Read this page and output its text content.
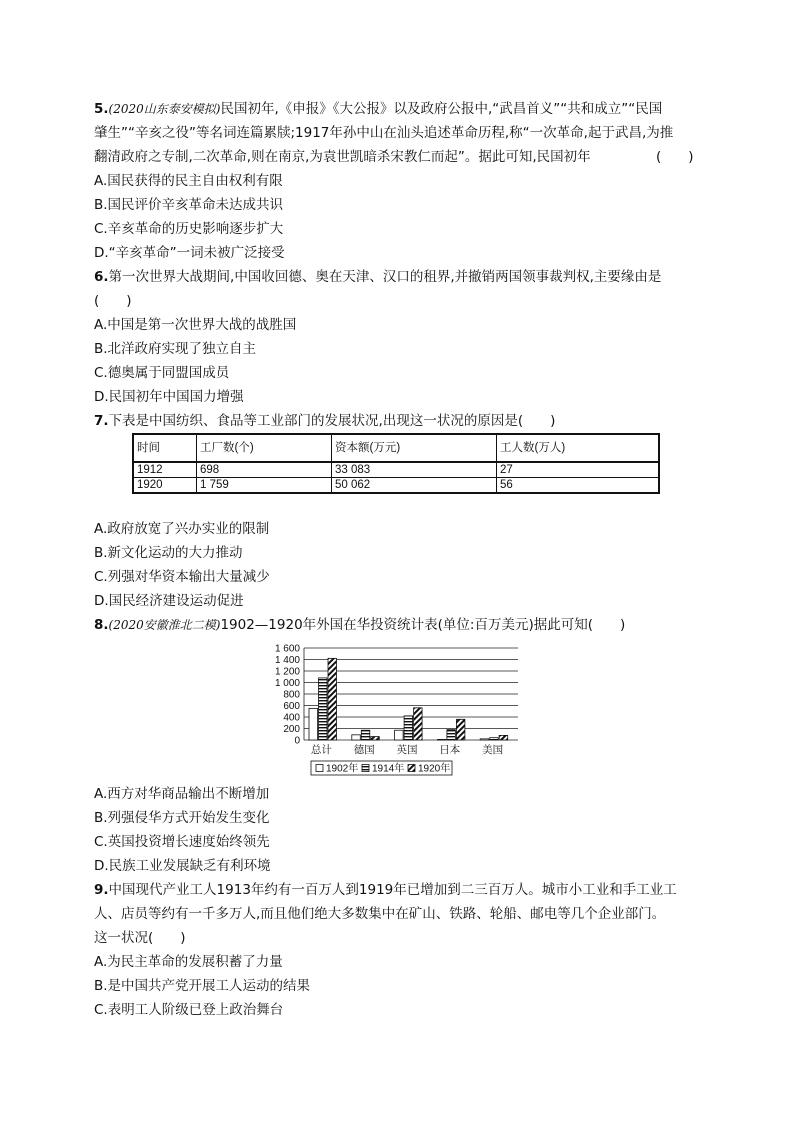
5.(2020山东泰安模拟)民国初年,《申报》《大公报》以及政府公报中,“武昌首义”“共和成立”“民国
肇生”“辛亥之役”等名词连篇累牍;1917年孙中山在汕头追述革命历程,称“一次革命,起于武昌,为推
翻清政府之专制,二次革命,则在南京,为袁世凯暗杀宋教仁而起”。据此可知,民国初年	(　　)
A.国民获得的民主自由权利有限
B.国民评价辛亥革命未达成共识
C.辛亥革命的历史影响逐步扩大
D.“辛亥革命”一词未被广泛接受
6.第一次世界大战期间,中国收回德、奥在天津、汉口的租界,并撤销两国领事裁判权,主要缘由是
(　　)
A.中国是第一次世界大战的战胜国
B.北洋政府实现了独立自主
C.德奥属于同盟国成员
D.民国初年中国国力增强
7.下表是中国纺织、食品等工业部门的发展状况,出现这一状况的原因是(　　)
时间	工厂数(个)	资本额(万元)	工人数(万人)
1912	698	33 083	27
1920	1 759	50 062	56
A.政府放宽了兴办实业的限制
B.新文化运动的大力推动
C.列强对华资本输出大量减少
D.国民经济建设运动促进
8.(2020安徽淮北二模)1902—1920年外国在华投资统计表(单位:百万美元)据此可知(　　)
0
200
400
600
800
1 000
1 200
1 400
1 600
总计 德国 英国 日本 美国
1902年 1914年 1920年
A.西方对华商品输出不断增加
B.列强侵华方式开始发生变化
C.英国投资增长速度始终领先
D.民族工业发展缺乏有利环境
9.中国现代产业工人1913年约有一百万人到1919年已增加到二三百万人。城市小工业和手工业工
人、店员等约有一千多万人,而且他们绝大多数集中在矿山、铁路、轮船、邮电等几个企业部门。
这一状况(　　)
A.为民主革命的发展积蓄了力量
B.是中国共产党开展工人运动的结果
C.表明工人阶级已登上政治舞台
